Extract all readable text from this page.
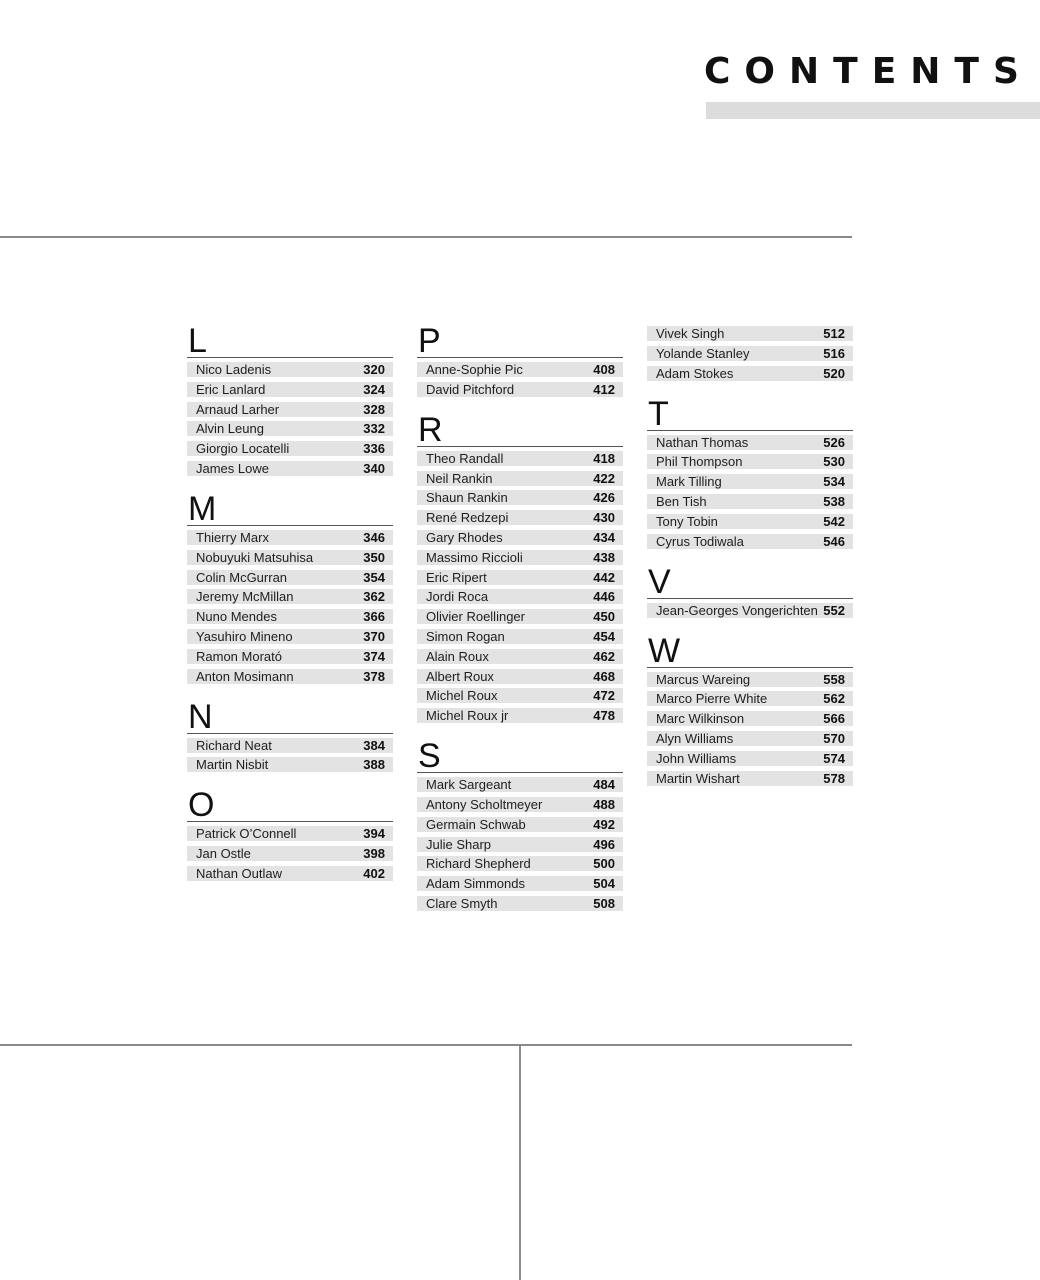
CONTENTS
L
Nico Ladenis	320
Eric Lanlard	324
Arnaud Larher	328
Alvin Leung	332
Giorgio Locatelli	336
James Lowe	340
M
Thierry Marx	346
Nobuyuki Matsuhisa	350
Colin McGurran	354
Jeremy McMillan	362
Nuno Mendes	366
Yasuhiro Mineno	370
Ramon Morató	374
Anton Mosimann	378
N
Richard Neat	384
Martin Nisbit	388
O
Patrick O’Connell	394
Jan Ostle	398
Nathan Outlaw	402
P
Anne-Sophie Pic	408
David Pitchford	412
R
Theo Randall	418
Neil Rankin	422
Shaun Rankin	426
René Redzepi	430
Gary Rhodes	434
Massimo Riccioli	438
Eric Ripert	442
Jordi Roca	446
Olivier Roellinger	450
Simon Rogan	454
Alain Roux	462
Albert Roux	468
Michel Roux	472
Michel Roux jr	478
S
Mark Sargeant	484
Antony Scholtmeyer	488
Germain Schwab	492
Julie Sharp	496
Richard Shepherd	500
Adam Simmonds	504
Clare Smyth	508
Vivek Singh	512
Yolande Stanley	516
Adam Stokes	520
T
Nathan Thomas	526
Phil Thompson	530
Mark Tilling	534
Ben Tish	538
Tony Tobin	542
Cyrus Todiwala	546
V
Jean-Georges Vongerichten 552
W
Marcus Wareing	558
Marco Pierre White	562
Marc Wilkinson	566
Alyn Williams	570
John Williams	574
Martin Wishart	578
